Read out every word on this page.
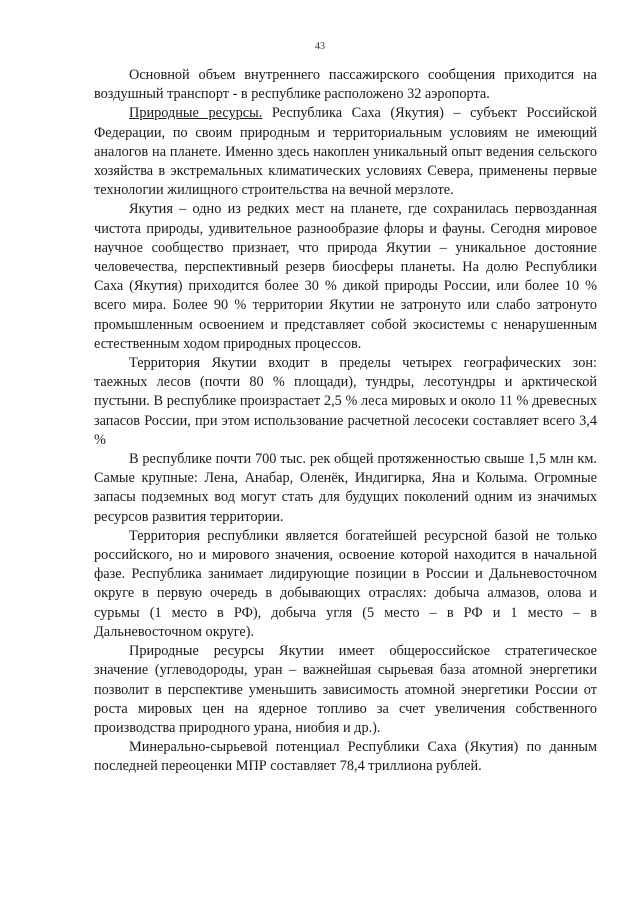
43

Основной объем внутреннего пассажирского сообщения приходится на воздушный транспорт - в республике расположено 32 аэропорта.

Природные ресурсы. Республика Саха (Якутия) – субъект Российской Федерации, по своим природным и территориальным условиям не имеющий аналогов на планете. Именно здесь накоплен уникальный опыт ведения сельского хозяйства в экстремальных климатических условиях Севера, применены первые технологии жилищного строительства на вечной мерзлоте.

Якутия – одно из редких мест на планете, где сохранилась первозданная чистота природы, удивительное разнообразие флоры и фауны. Сегодня мировое научное сообщество признает, что природа Якутии – уникальное достояние человечества, перспективный резерв биосферы планеты. На долю Республики Саха (Якутия) приходится более 30 % дикой природы России, или более 10 % всего мира. Более 90 % территории Якутии не затронуто или слабо затронуто промышленным освоением и представляет собой экосистемы с ненарушенным естественным ходом природных процессов.

Территория Якутии входит в пределы четырех географических зон: таежных лесов (почти 80 % площади), тундры, лесотундры и арктической пустыни. В республике произрастает 2,5 % леса мировых и около 11 % древесных запасов России, при этом использование расчетной лесосеки составляет всего 3,4 %

В республике почти 700 тыс. рек общей протяженностью свыше 1,5 млн км. Самые крупные: Лена, Анабар, Оленёк, Индигирка, Яна и Колыма. Огромные запасы подземных вод могут стать для будущих поколений одним из значимых ресурсов развития территории.

Территория республики является богатейшей ресурсной базой не только российского, но и мирового значения, освоение которой находится в начальной фазе. Республика занимает лидирующие позиции в России и Дальневосточном округе в первую очередь в добывающих отраслях: добыча алмазов, олова и сурьмы (1 место в РФ), добыча угля (5 место – в РФ и 1 место – в Дальневосточном округе).

Природные ресурсы Якутии имеет общероссийское стратегическое значение (углеводороды, уран – важнейшая сырьевая база атомной энергетики позволит в перспективе уменьшить зависимость атомной энергетики России от роста мировых цен на ядерное топливо за счет увеличения собственного производства природного урана, ниобия и др.).

Минерально-сырьевой потенциал Республики Саха (Якутия) по данным последней переоценки МПР составляет 78,4 триллиона рублей.
